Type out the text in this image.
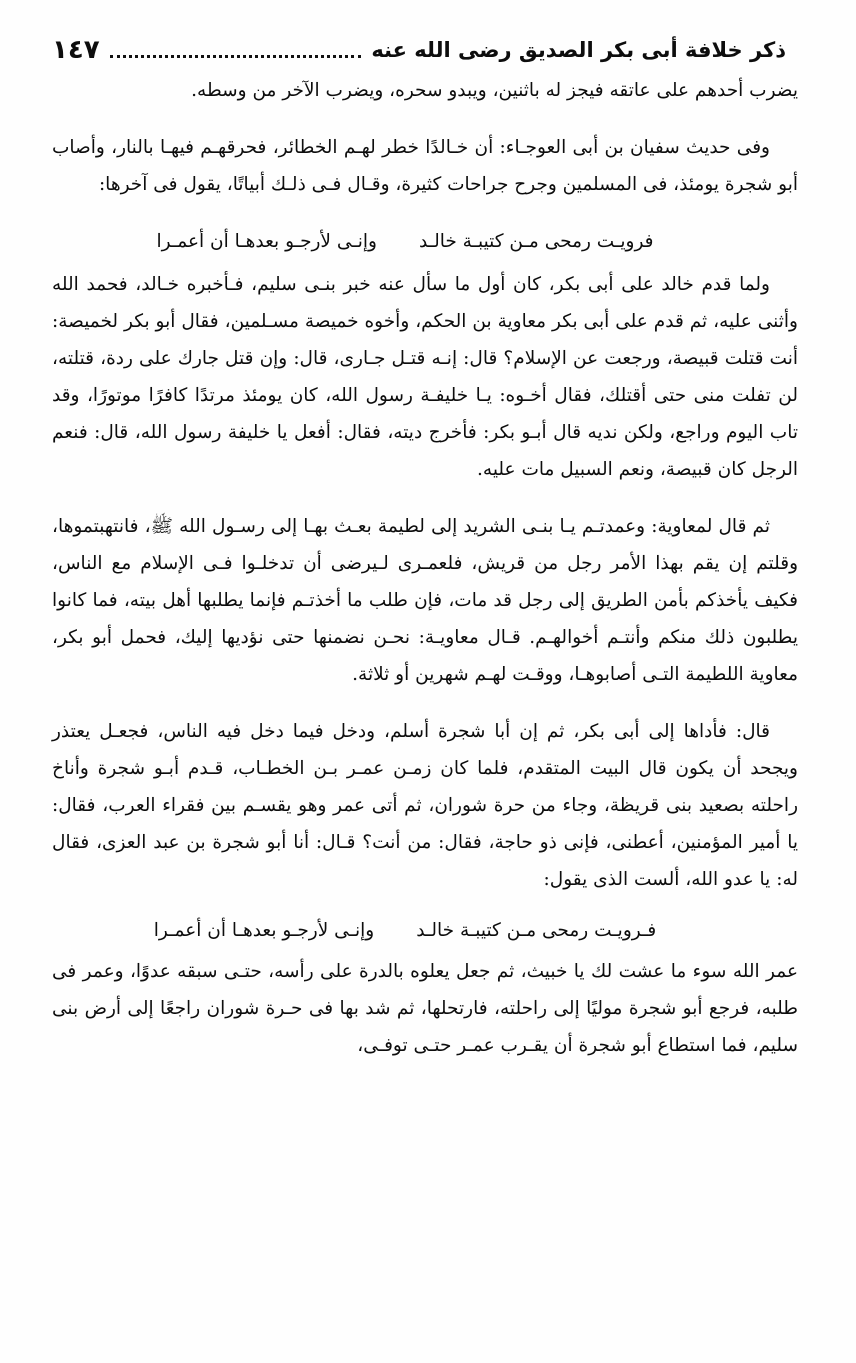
ذكر خلافة أبى بكر الصديق رضى الله عنه
١٤٧

يضرب أحدهم على عاتقه فيجز له باثنين، ويبدو سحره، ويضرب الآخر من وسطه.

وفى حديث سفيان بن أبى العوجـاء: أن خـالدًا خطر لهـم الخطائر، فحرقهـم فيهـا بالنار، وأصاب أبو شجرة يومئذ، فى المسلمين وجرح جراحات كثيرة، وقـال فـى ذلـك أبياتًا، يقول فى آخرها:

فرويـت رمحى مـن كتيبـة خالـد
وإنـى لأرجـو بعدهـا أن أعمـرا

ولما قدم خالد على أبى بكر، كان أول ما سأل عنه خبر بنـى سليم، فـأخبره خـالد، فحمد الله وأثنى عليه، ثم قدم على أبى بكر معاوية بن الحكم، وأخوه خميصة مسـلمين، فقال أبو بكر لخميصة: أنت قتلت قبيصة، ورجعت عن الإسلام؟ قال: إنـه قتـل جـارى، قال: وإن قتل جارك على ردة، قتلته، لن تفلت منى حتى أقتلك، فقال أخـوه: يـا خليفـة رسول الله، كان يومئذ مرتدًا كافرًا موتورًا، وقد تاب اليوم وراجع، ولكن نديه قال أبـو بكر: فأخرج ديته، فقال: أفعل يا خليفة رسول الله، قال: فنعم الرجل كان قبيصة، ونعم السبيل مات عليه.

ثم قال لمعاوية: وعمدتـم يـا بنـى الشريد إلى لطيمة بعـث بهـا إلى رسـول الله ﷺ، فانتهبتموها، وقلتم إن يقم بهذا الأمر رجل من قريش، فلعمـرى لـيرضى أن تدخلـوا فـى الإسلام مع الناس، فكيف يأخذكم بأمن الطريق إلى رجل قد مات، فإن طلب ما أخذتـم فإنما يطلبها أهل بيته، فما كانوا يطلبون ذلك منكم وأنتـم أخوالهـم. قـال معاويـة: نحـن نضمنها حتى نؤديها إليك، فحمل أبو بكر، معاوية اللطيمة التـى أصابوهـا، ووقـت لهـم شهرين أو ثلاثة.

قال: فأداها إلى أبى بكر، ثم إن أبا شجرة أسلم، ودخل فيما دخل فيه الناس، فجعـل يعتذر ويجحد أن يكون قال البيت المتقدم، فلما كان زمـن عمـر بـن الخطـاب، قـدم أبـو شجرة وأناخ راحلته بصعيد بنى قريظة، وجاء من حرة شوران، ثم أتى عمر وهو يقسـم بين فقراء العرب، فقال: يا أمير المؤمنين، أعطنى، فإنى ذو حاجة، فقال: من أنت؟ قـال: أنا أبو شجرة بن عبد العزى، فقال له: يا عدو الله، ألست الذى يقول:

فـرويـت رمحى مـن كتيبـة خالـد
وإنـى لأرجـو بعدهـا أن أعمـرا

عمر الله سوء ما عشت لك يا خبيث، ثم جعل يعلوه بالدرة على رأسه، حتـى سبقه عدوًا، وعمر فى طلبه، فرجع أبو شجرة موليًا إلى راحلته، فارتحلها، ثم شد بها فى حـرة شوران راجعًا إلى أرض بنى سليم، فما استطاع أبو شجرة أن يقـرب عمـر حتـى توفـى،
